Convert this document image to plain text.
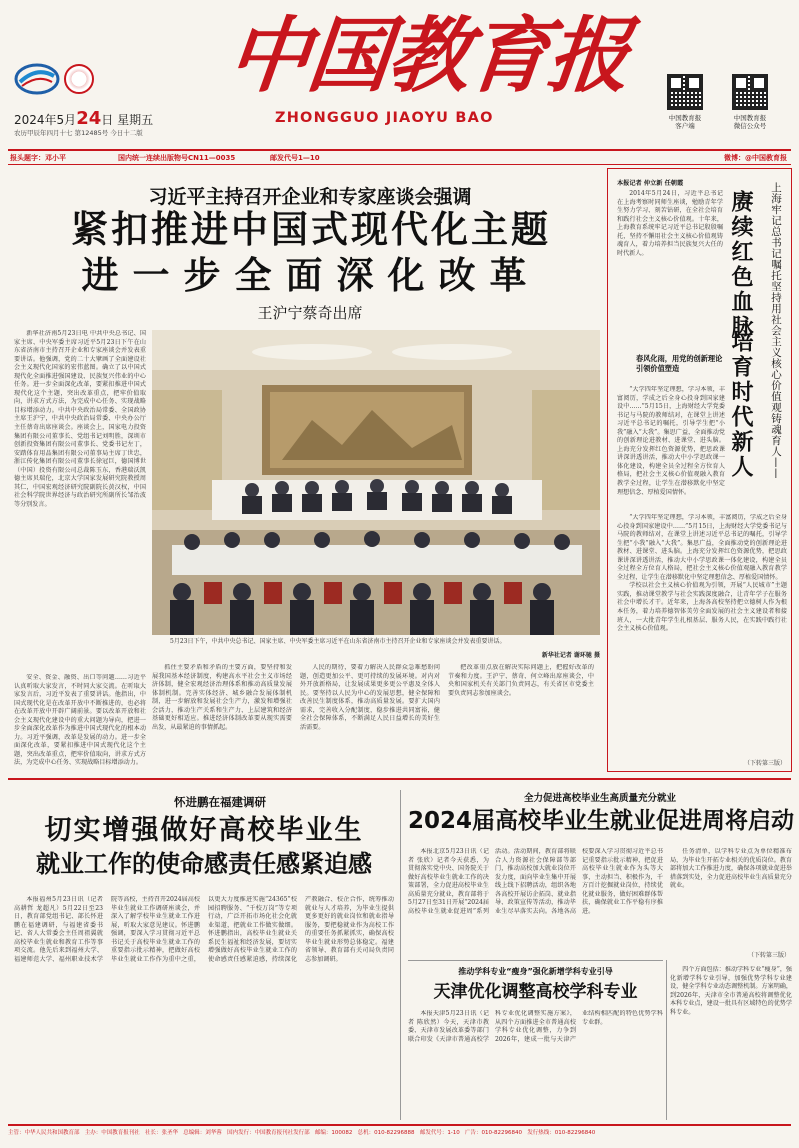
中国教育报
ZHONGGUO JIAOYU BAO
2024年5月24日 星期五
农历甲辰年四月十七 第12485号 今日十二版
中国教育报
客户端
中国教育报
微信公众号
报头题字：邓小平	国内统一连续出版物号CN11—0035	邮发代号1—10	微博：@中国教育报
习近平主持召开企业和专家座谈会强调
紧扣推进中国式现代化主题
进一步全面深化改革
王沪宁蔡奇出席

新华社济南5月23日电 中共中央总书记、国家主席、中央军委主席习近平5月23日下午在山东省济南市主持召开企业和专家座谈会并发表重要讲话。他强调，党的二十大擘画了全面建设社会主义现代化国家的宏伟蓝图。确立了以中国式现代化全面推进强国建设、民族复兴伟业的中心任务。进一步全面深化改革，要紧扣推进中国式现代化这个主题，突出改革重点，把牢价值取向，讲求方式方法，为完成中心任务、实现战略目标增添动力。中共中央政治局常委、全国政协主席王沪宁，中共中央政治局常委、中央办公厅主任蔡奇出席座谈会。座谈会上，国家电力投资集团有限公司董事长、党组书记刘明胜，深圳市创新投资集团有限公司董事长、党委书记左丁，安踏体育用品集团有限公司董事局主席丁世忠，浙江传化集团有限公司董事长徐冠巨，德国博世（中国）投资有限公司总裁陈玉东，香港瑞沃凯德主席贝瑞伦，北京大学国家发展研究院教授周其仁，中国宏观经济研究院副院长黄汉权，中国社会科学院世界经济与政治研究所副所长邹治波等分别发言。

5月23日下午，中共中央总书记、国家主席、中央军委主席习近平在山东省济南市主持召开企业和专家座谈会并发表重要讲话。
新华社记者 谢环驰 摄

安全、资金、融资、出口等问题……习近平认真听取大家发言，不时同大家交流。在听取大家发言后，习近平发表了重要讲话。他指出，中国式现代化是在改革开放中不断推进的，也必将在改革开放中开辟广阔前景。要以改革开放和社会主义现代化建设中的重大问题为导向，把进一步全面深化改革作为推进中国式现代化的根本动力。习近平强调，改革是发展的动力。进一步全面深化改革，要紧扣推进中国式现代化这个主题，突出改革重点，把牢价值取向，讲求方式方法，为完成中心任务、实现战略目标增添动力。

抓住主要矛盾和矛盾的主要方面，要坚持和发展我国基本经济制度，构建高水平社会主义市场经济体制，健全宏观经济治理体系和推动高质量发展体制机制。完善实体经济、城乡融合发展体制机制，进一步解放和发展社会生产力，激发和增强社会活力，推动生产关系和生产力、上层建筑和经济基础更好相适应。推进经济体制改革要从现实需要出发，从最紧迫的事情抓起。

人民的期待，要着力解决人民群众急难愁盼问题，创造更加公平、更可持续的发展环境。对内对外开放新格局，让发展成果更多更公平惠及全体人民。要坚持以人民为中心的发展思想，健全保障和改善民生制度体系，推动高质量发展。要扩大国内需求，完善收入分配制度，稳步推进共同富裕，健全社会保障体系，不断满足人民日益增长的美好生活需要。

把改革重点放在解决实际问题上，把握好改革的节奏和力度。王沪宁、蔡奇、何立峰出席座谈会，中央和国家机关有关部门负责同志，有关省区市党委主要负责同志参加座谈会。

本报记者 仲立新 任朝霞

2014年5月24日，习近平总书记在上海考察时同师生座谈，勉励青年学生努力学习、刻苦钻研，在全社会培育和践行社会主义核心价值观。十年来，上海教育系统牢记习近平总书记殷殷嘱托，坚持不懈用社会主义核心价值观铸魂育人，着力培养担当民族复兴大任的时代新人。	赓续红色血脉
培育时代新人	上海牢记总书记嘱托坚持用社会主义核心价值观铸魂育人——
春风化雨，用党的创新理论引领价值塑造

“大学四年坚定理想，学习本领，丰富阅历，学成之后全身心投身到国家建设中……”5月15日，上海财经大学党委书记与马院的教师结对，在课堂上讲述习近平总书记的嘱托，引导学生把“小我”融入“大我”。集思广益，全面推动党的创新理论进教材、进课堂、进头脑。上海充分发挥红色资源优势，把思政课讲深讲透讲活，推动大中小学思政课一体化建设，构建全员全过程全方位育人格局，把社会主义核心价值观融入教育教学全过程，让学生在潜移默化中坚定理想信念、厚植爱国情怀。

“大学四年坚定理想，学习本领，丰富阅历，学成之后全身心投身到国家建设中……”5月15日，上海财经大学党委书记与马院的教师结对，在课堂上讲述习近平总书记的嘱托，引导学生把“小我”融入“大我”。集思广益，全面推动党的创新理论进教材、进课堂、进头脑。上海充分发挥红色资源优势，把思政课讲深讲透讲活，推动大中小学思政课一体化建设，构建全员全过程全方位育人格局，把社会主义核心价值观融入教育教学全过程，让学生在潜移默化中坚定理想信念、厚植爱国情怀。

学校以社会主义核心价值观为引领，开展“人民城市”主题实践，推动课堂教学与社会实践深度融合，让青年学子在服务社会中增长才干。近年来，上海各高校坚持把立德树人作为根本任务，着力培养德智体美劳全面发展的社会主义建设者和接班人，一大批青年学生扎根基层、服务人民，在实践中践行社会主义核心价值观。

（下转第三版）
怀进鹏在福建调研
切实增强做好高校毕业生
就业工作的使命感责任感紧迫感

本报福州5月23日讯（记者 高耕哲 龙超凡）5月22日至23日，教育部党组书记、部长怀进鹏在福建调研，与福建省委书记、省人大常委会主任周祖翼就高校毕业生就业和教育工作等事项交流。他先后来到福州大学、福建师范大学、福州职业技术学院等高校，主持召开2024届高校毕业生就业工作调研座谈会，并深入了解学校毕业生就业工作进展，听取大家意见建议。怀进鹏强调，要深入学习贯彻习近平总书记关于高校毕业生就业工作的重要指示批示精神，把做好高校毕业生就业工作作为重中之重，以更大力度推进实施“24365”校园招聘服务、“千校万岗”等专项行动，广泛开拓市场化社会化就业渠道，把就业工作做实做细。怀进鹏指出，高校毕业生就业关系民生福祉和经济发展，要切实增强做好高校毕业生就业工作的使命感责任感紧迫感，持续深化产教融合、校企合作，统筹推动就业与人才培养，为毕业生提供更多更好的就业岗位和就业指导服务，要把稳就业作为高校工作的重要任务抓紧抓实，确保高校毕业生就业形势总体稳定。福建省领导、教育部有关司局负责同志参加调研。

全力促进高校毕业生高质量充分就业
2024届高校毕业生就业促进周将启动

本报北京5月23日讯（记者 张欣）记者今天获悉，为贯彻落实党中央、国务院关于做好高校毕业生就业工作的决策部署，全力促进高校毕业生高质量充分就业，教育部将于5月27日至31日开展“2024届高校毕业生就业促进周”系列活动。活动期间，教育部将联合人力资源社会保障部等部门，推动高校加大就业岗位开发力度，面向毕业生集中开展线上线下招聘活动，组织各地各高校开展访企拓岗、就业指导、政策宣传等活动，推动毕业生尽早落实去向。各地各高校要深入学习贯彻习近平总书记重要指示批示精神，把促进高校毕业生就业作为头等大事，主动担当、积极作为，千方百计挖掘就业岗位，持续优化就业服务，做好困难群体帮扶，确保就业工作平稳有序推进。

任务清单，以学科专业点为单位精准布局，为毕业生开拓专业相关的优质岗位。教育部将加大工作推进力度，确保各项就业促进举措落到实处，全力促进高校毕业生高质量充分就业。

（下转第三版）
推动学科专业“瘦身”强化新增学科专业引导
天津优化调整高校学科专业

本报天津5月23日讯（记者 陈欣然）今天，天津市教委、天津市发展改革委等部门联合印发《天津市普通高校学科专业优化调整实施方案》，从四个方面推进全市普通高校学科专业优化调整，力争到2026年，建成一批与天津产业结构相匹配的特色优势学科专业群。

四个方面包括：推动学科专业“瘦身”，强化新增学科专业引导，加强优势学科专业建设，健全学科专业动态调整机制。方案明确，到2026年，天津市全市普通高校将调整优化本科专业点，建设一批具有区域特色的优势学科专业。

主管：中华人民共和国教育部 主办：中国教育报刊社 社长：张圣华 总编辑：刘华蓉 国内发行：中国教育报刊社发行部 邮编：100082 总机：010-82296888 邮发代号：1-10 广告：010-82296840 发行热线：010-82296840
